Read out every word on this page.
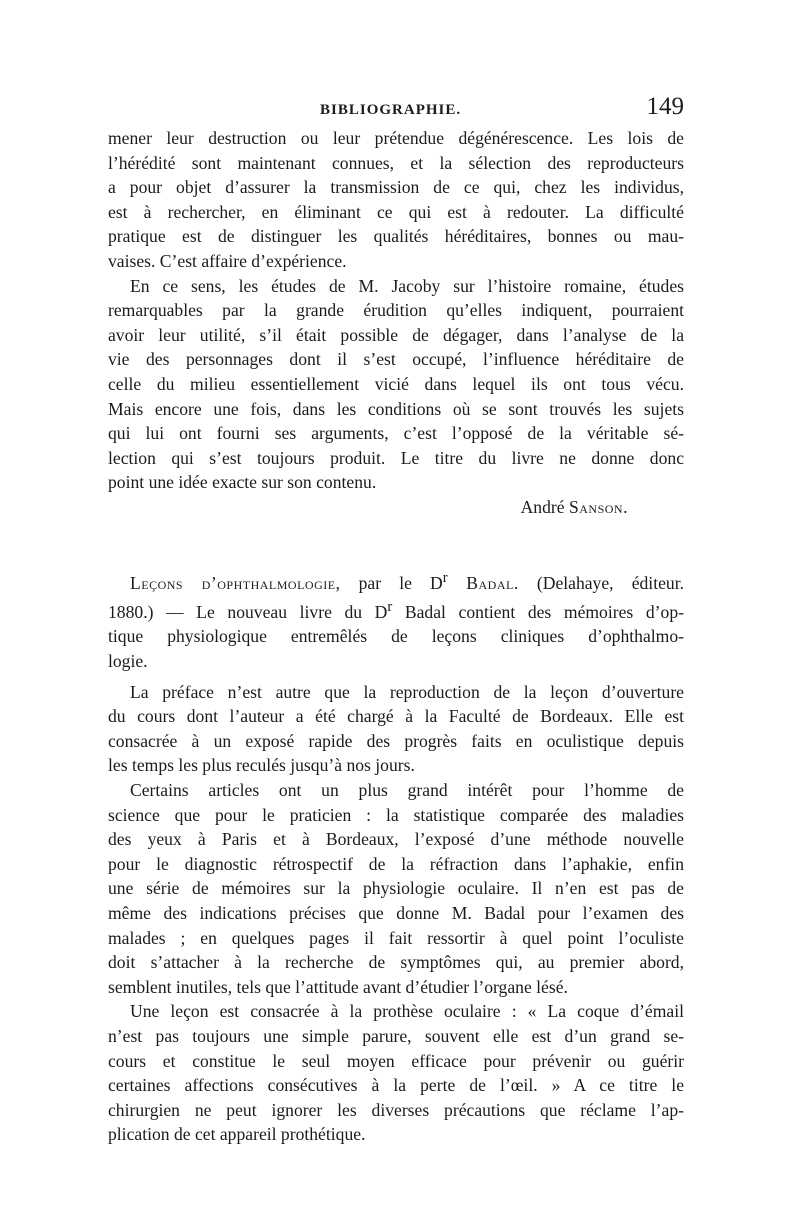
BIBLIOGRAPHIE.	149
mener leur destruction ou leur prétendue dégénérescence. Les lois de
l’hérédité sont maintenant connues, et la sélection des reproducteurs
a pour objet d’assurer la transmission de ce qui, chez les individus,
est à rechercher, en éliminant ce qui est à redouter. La difficulté
pratique est de distinguer les qualités héréditaires, bonnes ou mau-
vaises. C’est affaire d’expérience.
En ce sens, les études de M. Jacoby sur l’histoire romaine, études
remarquables par la grande érudition qu’elles indiquent, pourraient
avoir leur utilité, s’il était possible de dégager, dans l’analyse de la
vie des personnages dont il s’est occupé, l’influence héréditaire de
celle du milieu essentiellement vicié dans lequel ils ont tous vécu.
Mais encore une fois, dans les conditions où se sont trouvés les sujets
qui lui ont fourni ses arguments, c’est l’opposé de la véritable sé-
lection qui s’est toujours produit. Le titre du livre ne donne donc
point une idée exacte sur son contenu.
André Sanson.
Leçons d’ophthalmologie, par le $D^r$ Badal. (Delahaye, éditeur.
1880.) — Le nouveau livre du $D^r$ Badal contient des mémoires d’op-
tique physiologique entremêlés de leçons cliniques d’ophthalmo-
logie.
La préface n’est autre que la reproduction de la leçon d’ouverture
du cours dont l’auteur a été chargé à la Faculté de Bordeaux. Elle est
consacrée à un exposé rapide des progrès faits en oculistique depuis
les temps les plus reculés jusqu’à nos jours.
Certains articles ont un plus grand intérêt pour l’homme de
science que pour le praticien : la statistique comparée des maladies
des yeux à Paris et à Bordeaux, l’exposé d’une méthode nouvelle
pour le diagnostic rétrospectif de la réfraction dans l’aphakie, enfin
une série de mémoires sur la physiologie oculaire. Il n’en est pas de
même des indications précises que donne M. Badal pour l’examen des
malades ; en quelques pages il fait ressortir à quel point l’oculiste
doit s’attacher à la recherche de symptômes qui, au premier abord,
semblent inutiles, tels que l’attitude avant d’étudier l’organe lésé.
Une leçon est consacrée à la prothèse oculaire : « La coque d’émail
n’est pas toujours une simple parure, souvent elle est d’un grand se-
cours et constitue le seul moyen efficace pour prévenir ou guérir
certaines affections consécutives à la perte de l’œil. » A ce titre le
chirurgien ne peut ignorer les diverses précautions que réclame l’ap-
plication de cet appareil prothétique.
